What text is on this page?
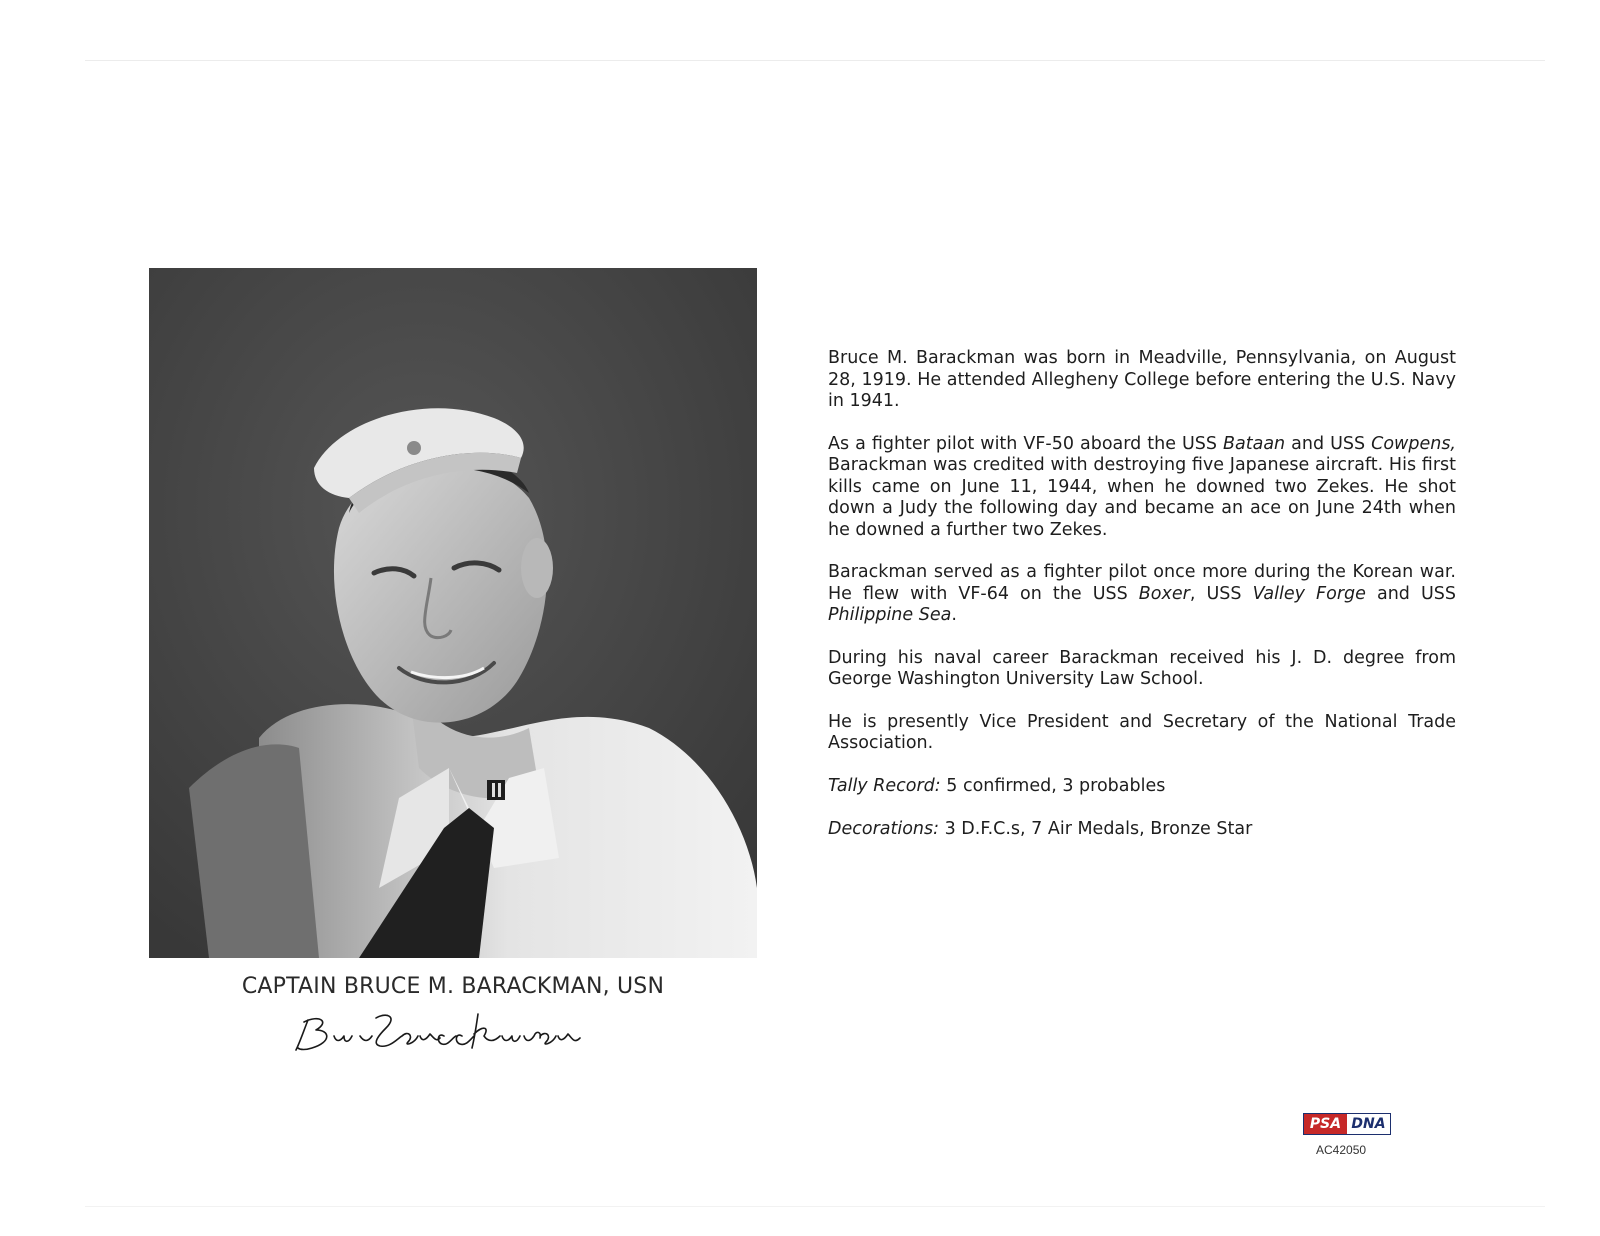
CAPTAIN BRUCE M. BARACKMAN, USN

Bruce M. Barackman was born in Meadville, Pennsylvania, on August 28, 1919. He attended Allegheny College before entering the U.S. Navy in 1941.

As a fighter pilot with VF-50 aboard the USS Bataan and USS Cowpens, Barackman was credited with destroying five Japanese aircraft. His first kills came on June 11, 1944, when he downed two Zekes. He shot down a Judy the following day and became an ace on June 24th when he downed a further two Zekes.

Barackman served as a fighter pilot once more during the Korean war. He flew with VF-64 on the USS Boxer, USS Valley Forge and USS Philippine Sea.

During his naval career Barackman received his J. D. degree from George Washington University Law School.

He is presently Vice President and Secretary of the National Trade Association.

Tally Record: 5 confirmed, 3 probables

Decorations: 3 D.F.C.s, 7 Air Medals, Bronze Star

PSA DNA
AC42050
